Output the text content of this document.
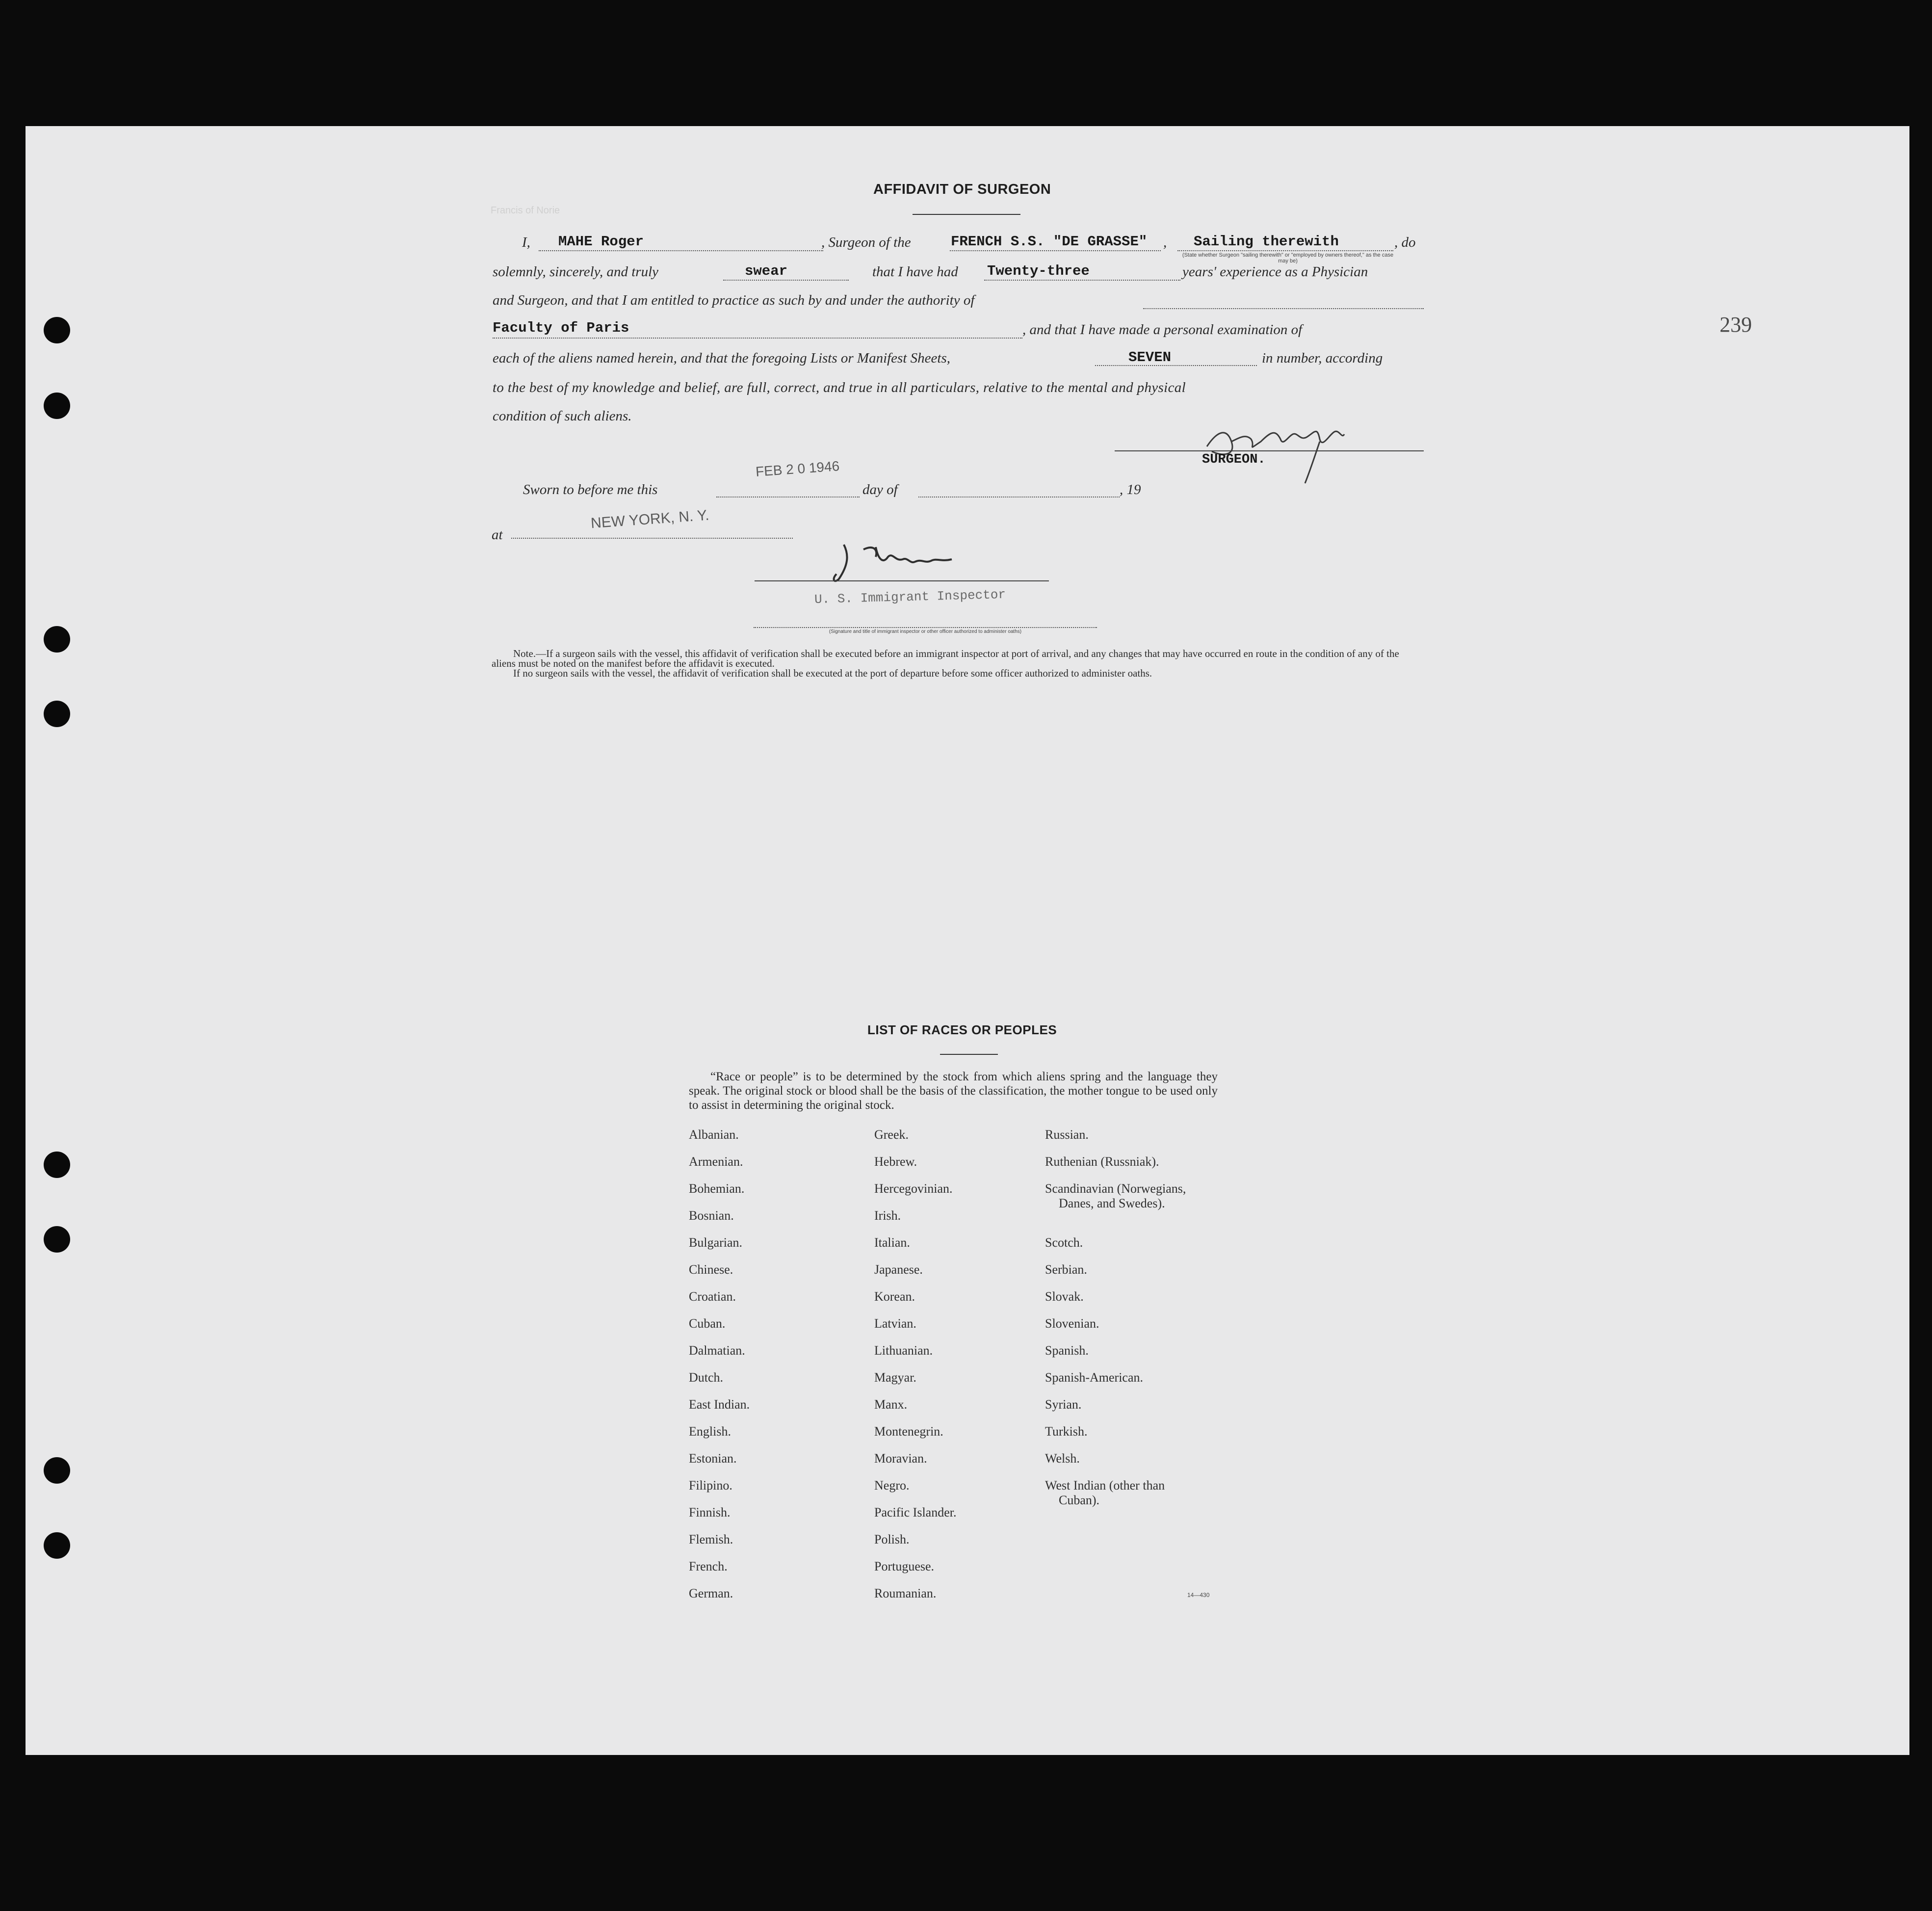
239
AFFIDAVIT OF SURGEON
Francis of Norie
I, MAHE Roger	, Surgeon of the	FRENCH S.S. "DE GRASSE" , Sailing therewith	, do
(State whether Surgeon "sailing therewith" or "employed by owners thereof," as the case may be)
solemnly, sincerely, and truly	swear	that I have had Twenty-three	years' experience as a Physician
and Surgeon, and that I am entitled to practice as such by and under the authority of
Faculty of Paris	, and that I have made a personal examination of
each of the aliens named herein, and that the foregoing Lists or Manifest Sheets,	SEVEN	in number, according
to the best of my knowledge and belief, are full, correct, and true in all particulars, relative to the mental and physical
condition of such aliens.
SURGEON.
Sworn to before me this
FEB 2 0 1946
day of	, 19
at
NEW YORK, N. Y.
U. S. Immigrant Inspector
(Signature and title of immigrant inspector or other officer authorized to administer oaths)
Note.—If a surgeon sails with the vessel, this affidavit of verification shall be executed before an immigrant inspector at port of arrival, and any changes that may have occurred en route in the condition of any of the aliens must be noted on the manifest before the affidavit is executed.
If no surgeon sails with the vessel, the affidavit of verification shall be executed at the port of departure before some officer authorized to administer oaths.
LIST OF RACES OR PEOPLES
“Race or people” is to be determined by the stock from which aliens spring and the language they speak. The original stock or blood shall be the basis of the classification, the mother tongue to be used only to assist in determining the original stock.
Albanian.
Armenian.
Bohemian.
Bosnian.
Bulgarian.
Chinese.
Croatian.
Cuban.
Dalmatian.
Dutch.
East Indian.
English.
Estonian.
Filipino.
Finnish.
Flemish.
French.
German.
Greek.
Hebrew.
Hercegovinian.
Irish.
Italian.
Japanese.
Korean.
Latvian.
Lithuanian.
Magyar.
Manx.
Montenegrin.
Moravian.
Negro.
Pacific Islander.
Polish.
Portuguese.
Roumanian.
Russian.
Ruthenian (Russniak).
Scandinavian (Norwegians,
Danes, and Swedes).
Scotch.
Serbian.
Slovak.
Slovenian.
Spanish.
Spanish-American.
Syrian.
Turkish.
Welsh.
West Indian (other than
Cuban).
14—430
